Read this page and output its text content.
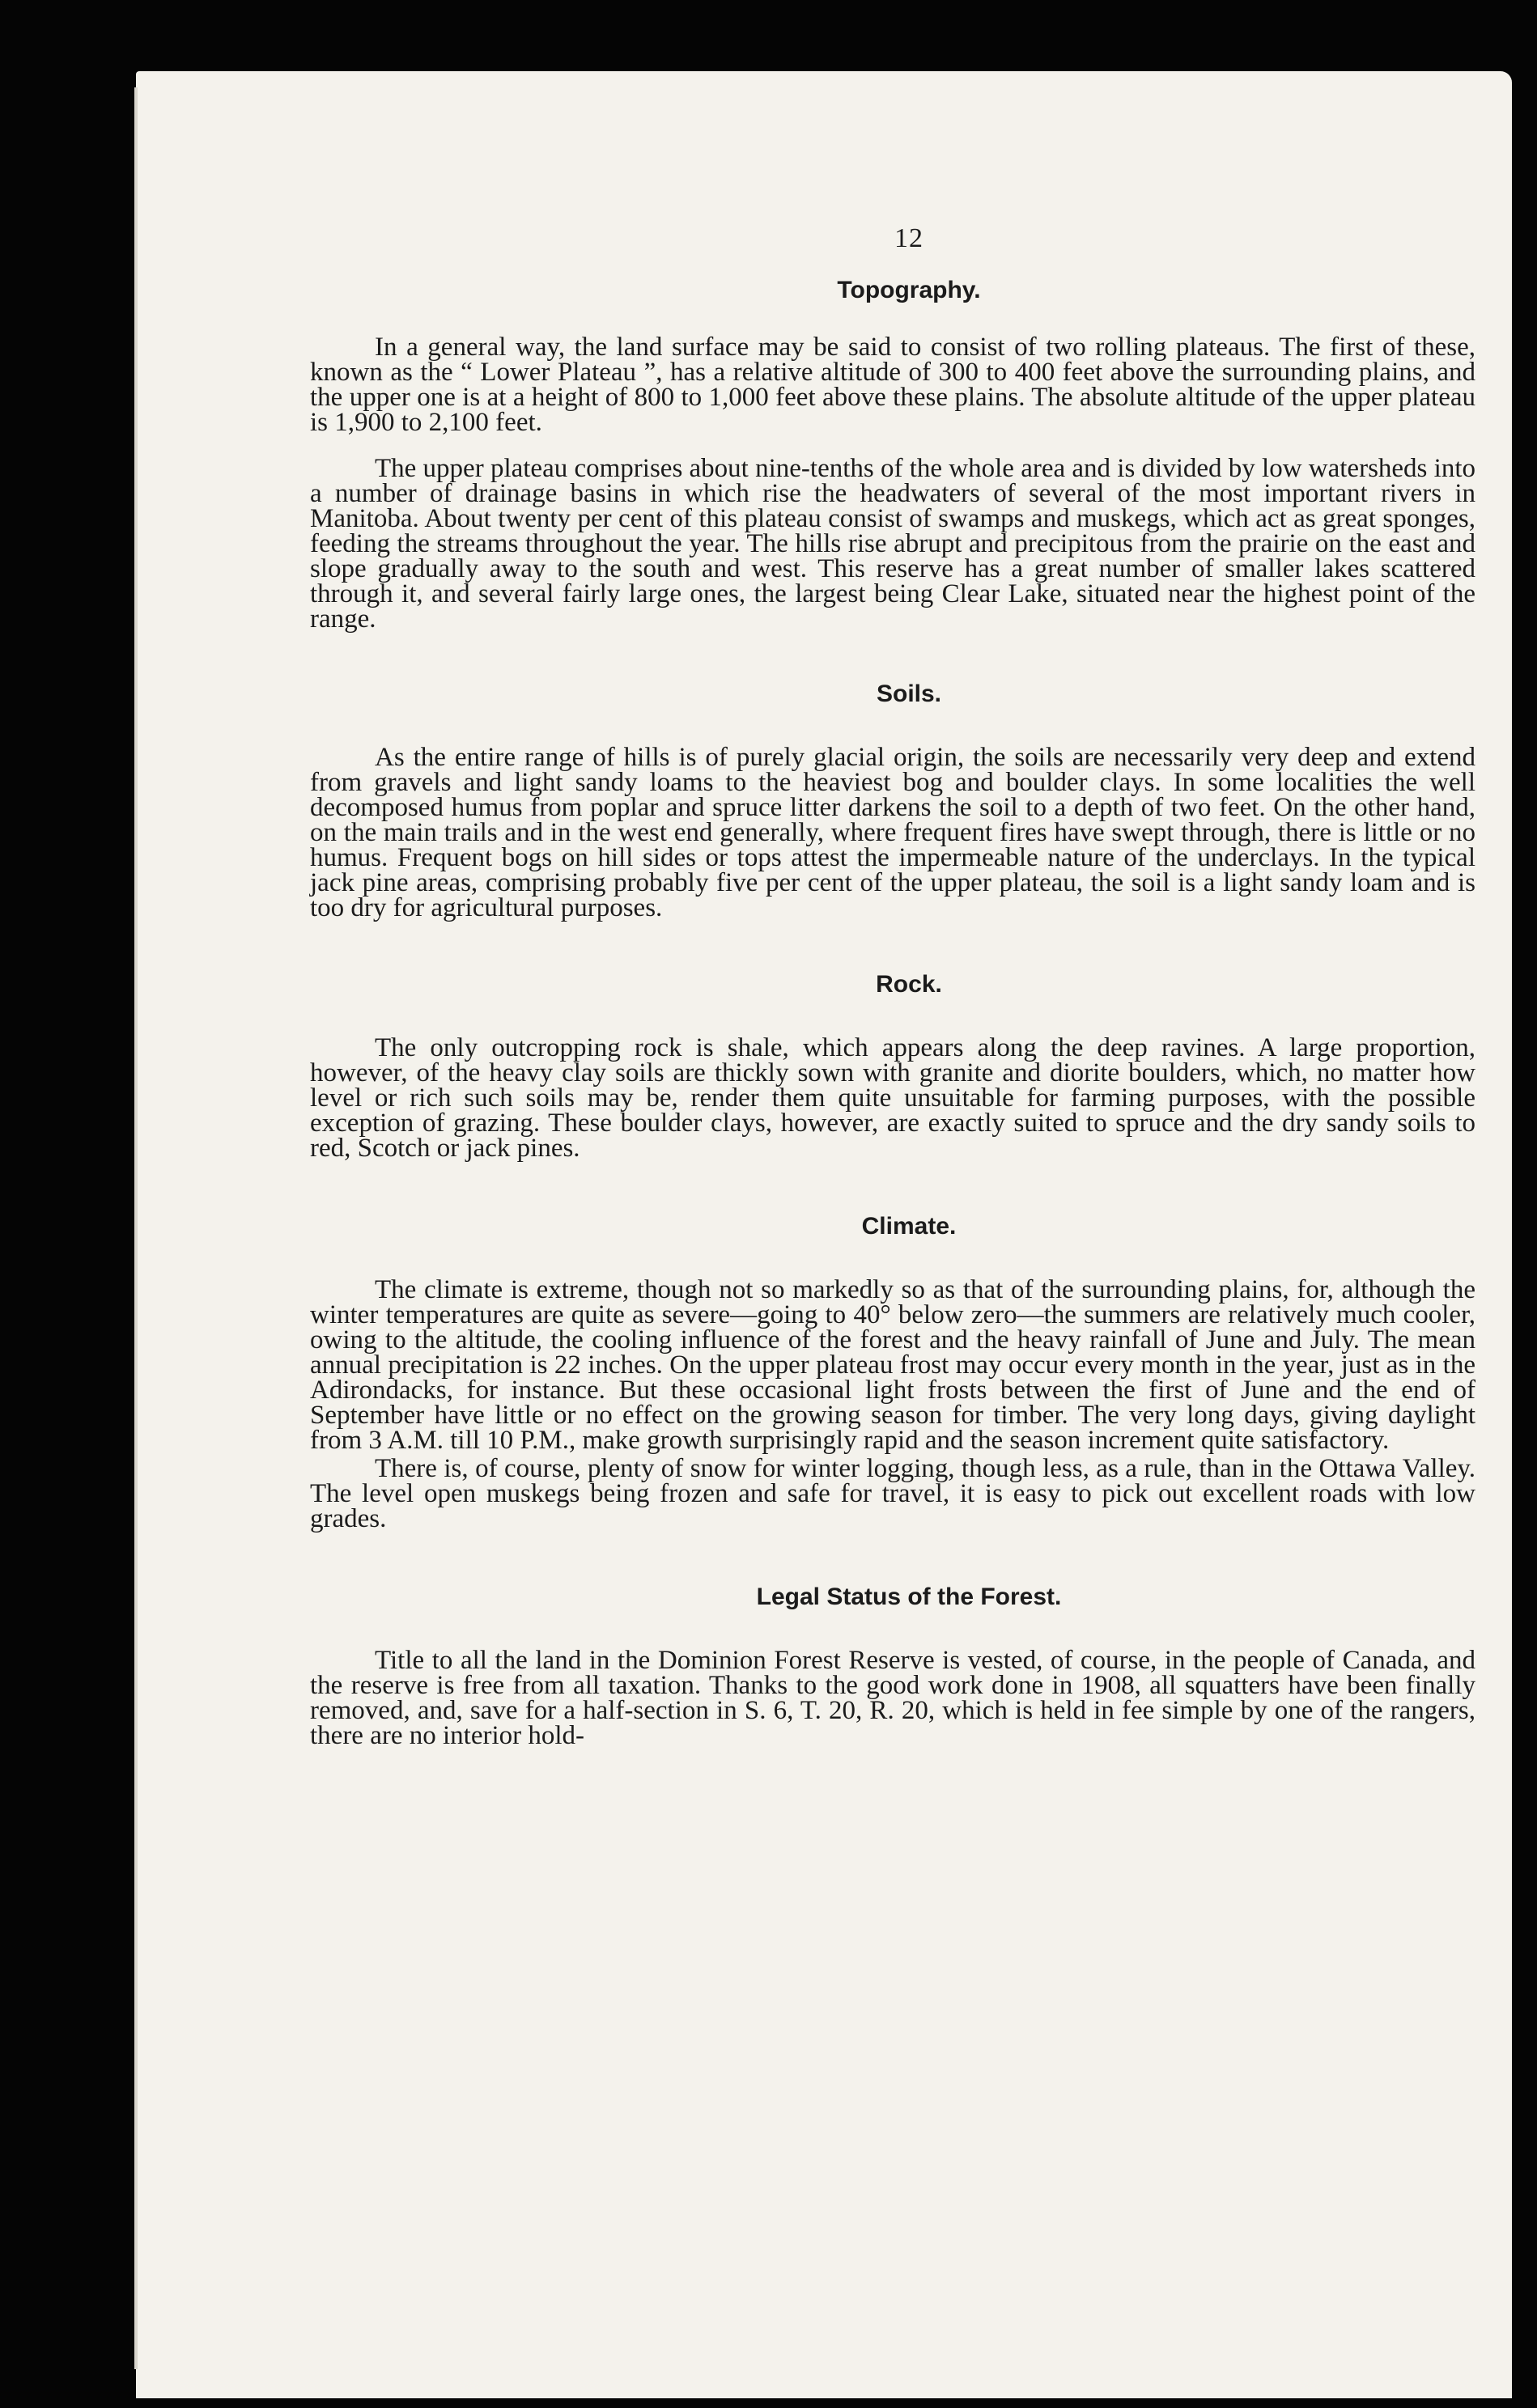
12
Topography.

In a general way, the land surface may be said to consist of two rolling plateaus. The first of these, known as the “ Lower Plateau ”, has a relative altitude of 300 to 400 feet above the surrounding plains, and the upper one is at a height of 800 to 1,000 feet above these plains. The absolute altitude of the upper plateau is 1,900 to 2,100 feet.

The upper plateau comprises about nine-tenths of the whole area and is divided by low watersheds into a number of drainage basins in which rise the headwaters of several of the most important rivers in Manitoba. About twenty per cent of this plateau consist of swamps and muskegs, which act as great sponges, feeding the streams throughout the year. The hills rise abrupt and precipitous from the prairie on the east and slope gradually away to the south and west. This reserve has a great number of smaller lakes scattered through it, and several fairly large ones, the largest being Clear Lake, situated near the highest point of the range.

Soils.

As the entire range of hills is of purely glacial origin, the soils are necessarily very deep and extend from gravels and light sandy loams to the heaviest bog and boulder clays. In some localities the well decomposed humus from poplar and spruce litter darkens the soil to a depth of two feet. On the other hand, on the main trails and in the west end generally, where frequent fires have swept through, there is little or no humus. Frequent bogs on hill sides or tops attest the impermeable nature of the underclays. In the typical jack pine areas, comprising probably five per cent of the upper plateau, the soil is a light sandy loam and is too dry for agricultural purposes.

Rock.

The only outcropping rock is shale, which appears along the deep ravines. A large proportion, however, of the heavy clay soils are thickly sown with granite and diorite boulders, which, no matter how level or rich such soils may be, render them quite unsuitable for farming purposes, with the possible exception of grazing. These boulder clays, however, are exactly suited to spruce and the dry sandy soils to red, Scotch or jack pines.

Climate.

The climate is extreme, though not so markedly so as that of the surrounding plains, for, although the winter temperatures are quite as severe—going to 40° below zero—the summers are relatively much cooler, owing to the altitude, the cooling influence of the forest and the heavy rainfall of June and July. The mean annual precipitation is 22 inches. On the upper plateau frost may occur every month in the year, just as in the Adirondacks, for instance. But these occasional light frosts between the first of June and the end of September have little or no effect on the growing season for timber. The very long days, giving daylight from 3 A.M. till 10 P.M., make growth surprisingly rapid and the season increment quite satisfactory.

There is, of course, plenty of snow for winter logging, though less, as a rule, than in the Ottawa Valley. The level open muskegs being frozen and safe for travel, it is easy to pick out excellent roads with low grades.

Legal Status of the Forest.

Title to all the land in the Dominion Forest Reserve is vested, of course, in the people of Canada, and the reserve is free from all taxation. Thanks to the good work done in 1908, all squatters have been finally removed, and, save for a half-section in S. 6, T. 20, R. 20, which is held in fee simple by one of the rangers, there are no interior hold-
